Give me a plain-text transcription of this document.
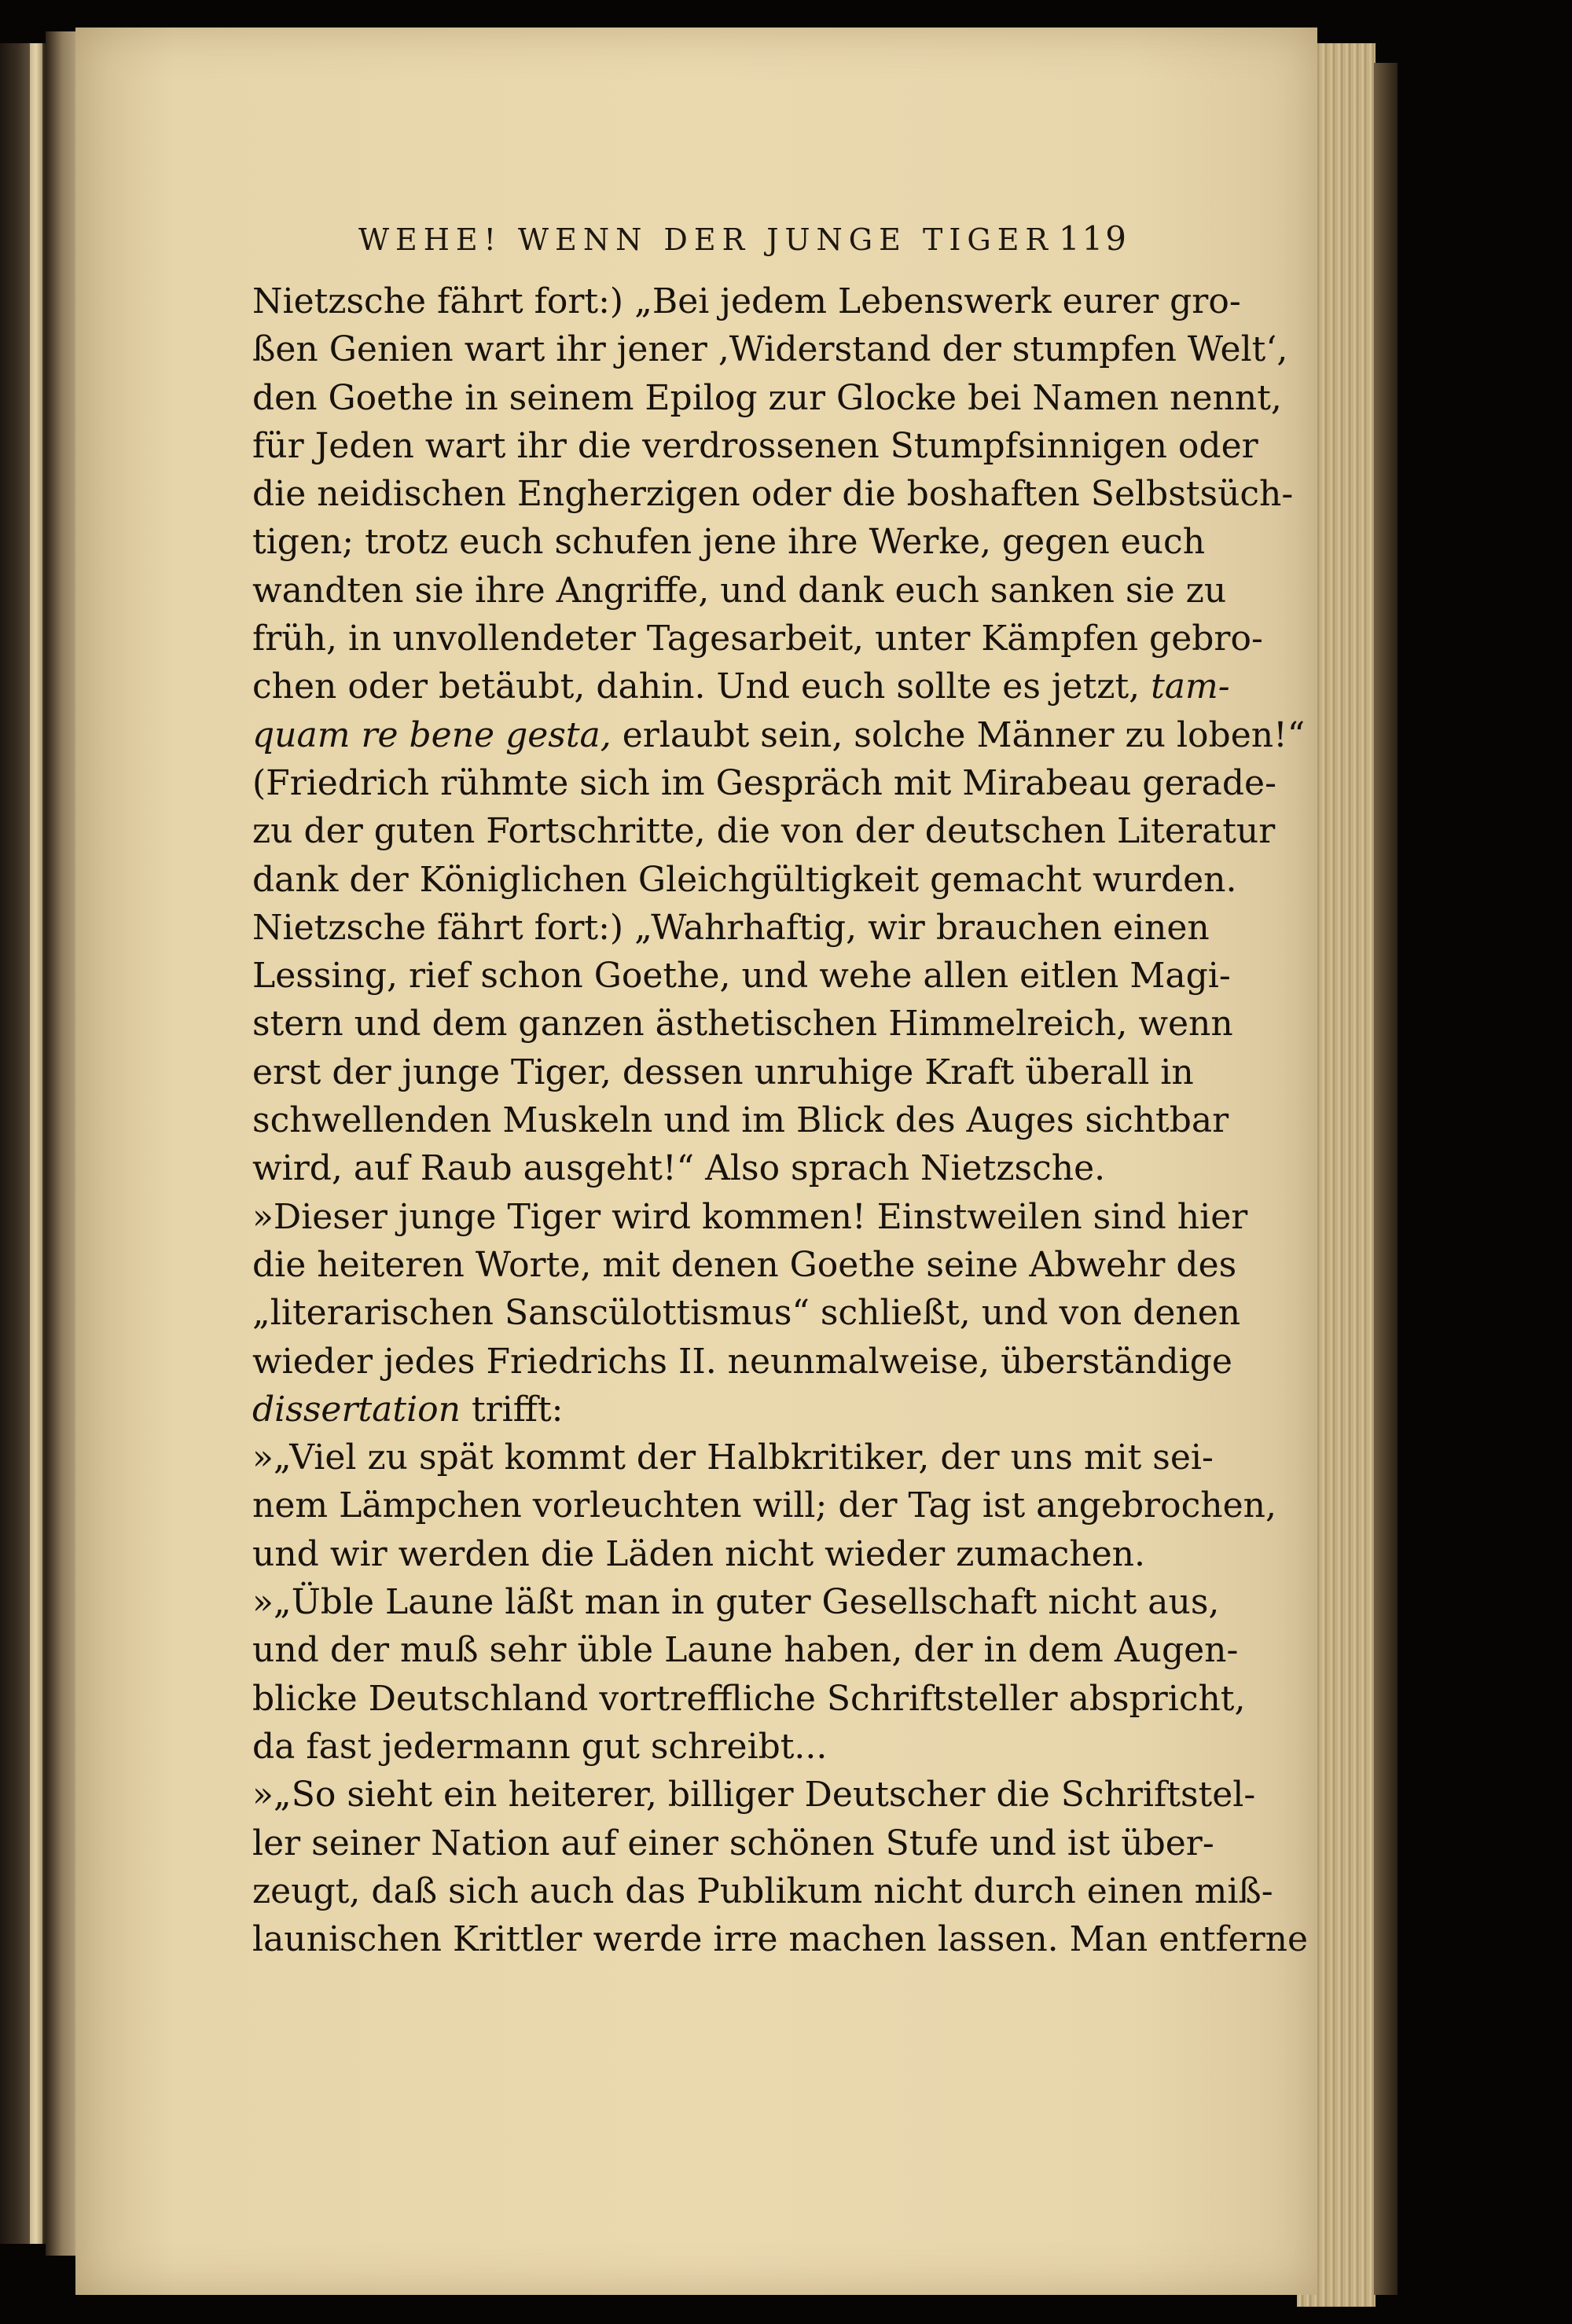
WEHE! WENN DER JUNGE TIGER 119
Nietzsche fährt fort:) „Bei jedem Lebenswerk eurer gro-
ßen Genien wart ihr jener ,Widerstand der stumpfen Welt‘,
den Goethe in seinem Epilog zur Glocke bei Namen nennt,
für Jeden wart ihr die verdrossenen Stumpfsinnigen oder
die neidischen Engherzigen oder die boshaften Selbstsüch-
tigen; trotz euch schufen jene ihre Werke, gegen euch
wandten sie ihre Angriffe, und dank euch sanken sie zu
früh, in unvollendeter Tagesarbeit, unter Kämpfen gebro-
chen oder betäubt, dahin. Und euch sollte es jetzt, tam-
quam re bene gesta, erlaubt sein, solche Männer zu loben!“
(Friedrich rühmte sich im Gespräch mit Mirabeau gerade-
zu der guten Fortschritte, die von der deutschen Literatur
dank der Königlichen Gleichgültigkeit gemacht wurden.
Nietzsche fährt fort:) „Wahrhaftig, wir brauchen einen
Lessing, rief schon Goethe, und wehe allen eitlen Magi-
stern und dem ganzen ästhetischen Himmelreich, wenn
erst der junge Tiger, dessen unruhige Kraft überall in
schwellenden Muskeln und im Blick des Auges sichtbar
wird, auf Raub ausgeht!“ Also sprach Nietzsche.
»Dieser junge Tiger wird kommen! Einstweilen sind hier
die heiteren Worte, mit denen Goethe seine Abwehr des
„literarischen Sanscülottismus“ schließt, und von denen
wieder jedes Friedrichs II. neunmalweise, überständige
dissertation trifft:
»„Viel zu spät kommt der Halbkritiker, der uns mit sei-
nem Lämpchen vorleuchten will; der Tag ist angebrochen,
und wir werden die Läden nicht wieder zumachen.
»„Üble Laune läßt man in guter Gesellschaft nicht aus,
und der muß sehr üble Laune haben, der in dem Augen-
blicke Deutschland vortreffliche Schriftsteller abspricht,
da fast jedermann gut schreibt...
»„So sieht ein heiterer, billiger Deutscher die Schriftstel-
ler seiner Nation auf einer schönen Stufe und ist über-
zeugt, daß sich auch das Publikum nicht durch einen miß-
launischen Krittler werde irre machen lassen. Man entferne
